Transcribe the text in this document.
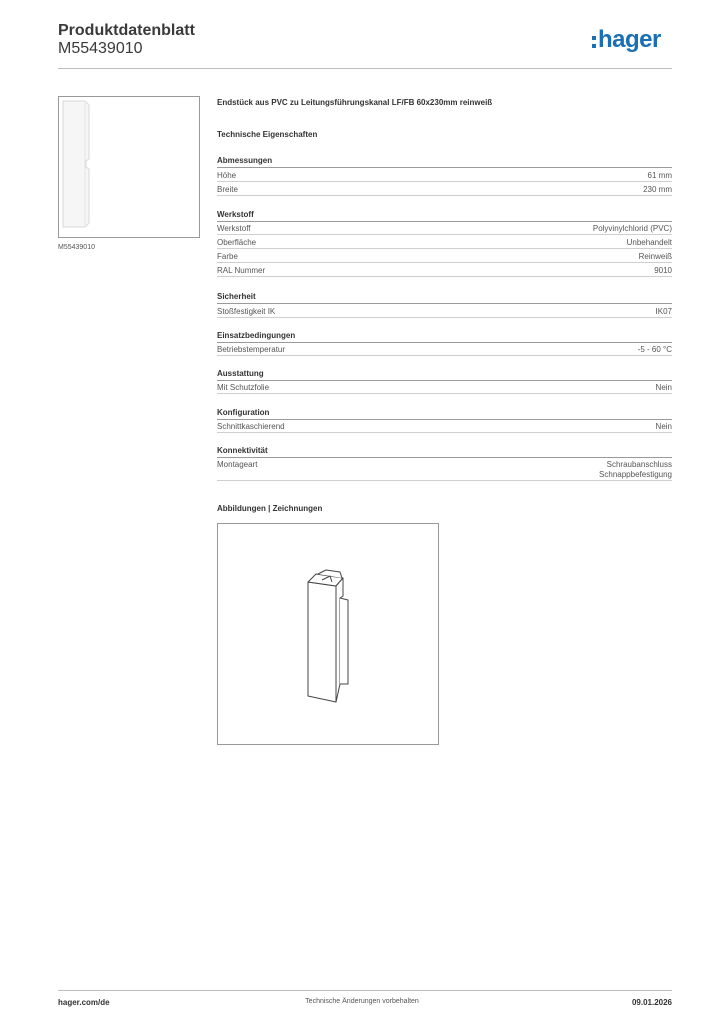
Produktdatenblatt
M55439010	hager
M55439010
Endstück aus PVC zu Leitungsführungskanal LF/FB 60x230mm reinweiß
Technische Eigenschaften
Abmessungen
Höhe	61 mm
Breite	230 mm
Werkstoff
Werkstoff	Polyvinylchlorid (PVC)
Oberfläche	Unbehandelt
Farbe	Reinweiß
RAL Nummer	9010
Sicherheit
Stoßfestigkeit IK	IK07
Einsatzbedingungen
Betriebstemperatur	-5 - 60 °C
Ausstattung
Mit Schutzfolie	Nein
Konfiguration
Schnittkaschierend	Nein
Konnektivität
Montageart	Schraubanschluss
Schnappbefestigung
Abbildungen | Zeichnungen
hager.com/de	Technische Änderungen vorbehalten	09.01.2026
